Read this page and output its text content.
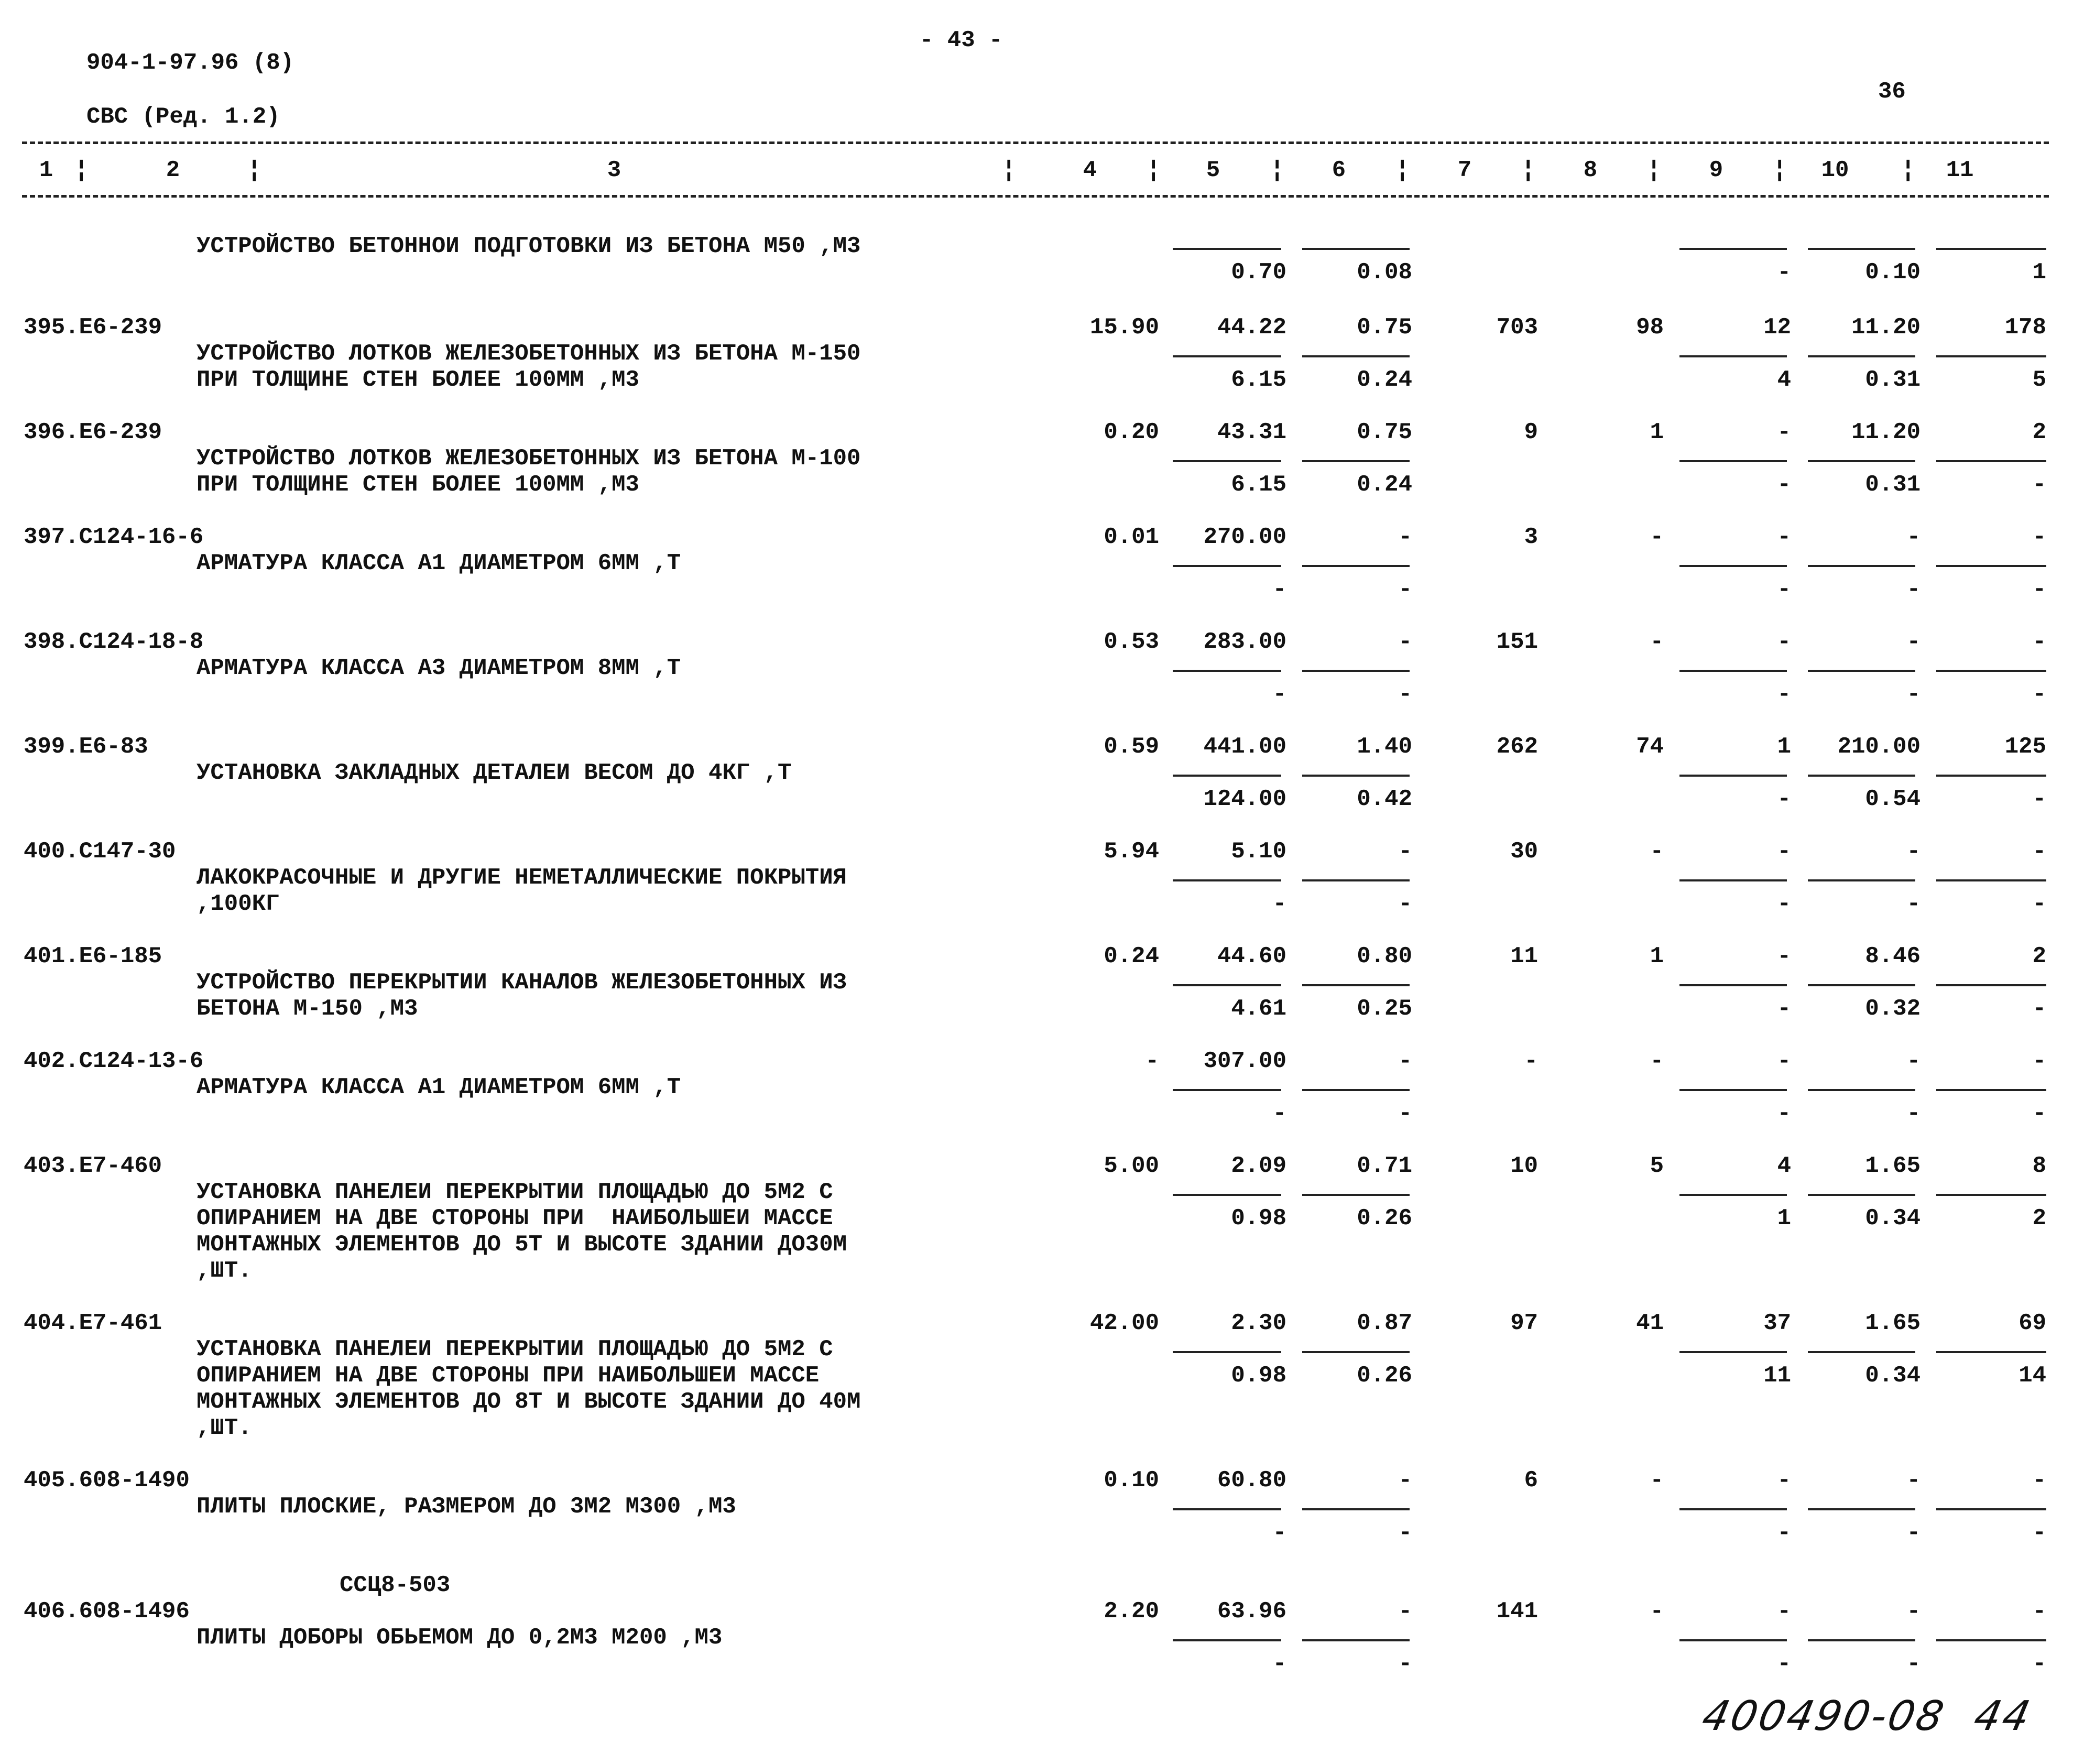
904-1-97.96 (8)
СВС (Ред. 1.2)
- 43 -
36
1	2	3	4	5	6	7	8	9	10	11
¦	¦	¦	¦	¦	¦	¦	¦	¦	¦
УСТРОЙСТВО БЕТОННОИ ПОДГОТОВКИ ИЗ БЕТОНА М50 ,М3
0.70	0.08	-	0.10	1
395.Е6-239
УСТРОЙСТВО ЛОТКОВ ЖЕЛЕЗОБЕТОННЫХ ИЗ БЕТОНА М-150
ПРИ ТОЛЩИНЕ СТЕН БОЛЕЕ 100ММ ,М3
15.90	44.22	0.75	703	98	12	11.20	178
6.15	0.24	4	0.31	5
396.Е6-239
УСТРОЙСТВО ЛОТКОВ ЖЕЛЕЗОБЕТОННЫХ ИЗ БЕТОНА М-100
ПРИ ТОЛЩИНЕ СТЕН БОЛЕЕ 100ММ ,М3
0.20	43.31	0.75	9	1	-	11.20	2
6.15	0.24	-	0.31	-
397.С124-16-6
АРМАТУРА КЛАССА А1 ДИАМЕТРОМ 6ММ ,Т
0.01	270.00	-	3	-	-	-	-
-	-	-	-	-
398.С124-18-8
АРМАТУРА КЛАССА А3 ДИАМЕТРОМ 8ММ ,Т
0.53	283.00	-	151	-	-	-	-
-	-	-	-	-
399.Е6-83
УСТАНОВКА ЗАКЛАДНЫХ ДЕТАЛЕИ ВЕСОМ ДО 4КГ ,Т
0.59	441.00	1.40	262	74	1	210.00	125
124.00	0.42	-	0.54	-
400.С147-30
ЛАКОКРАСОЧНЫЕ И ДРУГИЕ НЕМЕТАЛЛИЧЕСКИЕ ПОКРЫТИЯ
,100КГ
5.94	5.10	-	30	-	-	-	-
-	-	-	-	-
401.Е6-185
УСТРОЙСТВО ПЕРЕКРЫТИИ КАНАЛОВ ЖЕЛЕЗОБЕТОННЫХ ИЗ
БЕТОНА М-150 ,М3
0.24	44.60	0.80	11	1	-	8.46	2
4.61	0.25	-	0.32	-
402.С124-13-6
АРМАТУРА КЛАССА А1 ДИАМЕТРОМ 6ММ ,Т
-	307.00	-	-	-	-	-	-
-	-	-	-	-
403.Е7-460
УСТАНОВКА ПАНЕЛЕИ ПЕРЕКРЫТИИ ПЛОЩАДЬЮ ДО 5М2 С
ОПИРАНИЕМ НА ДВЕ СТОРОНЫ ПРИ  НАИБОЛЬШЕИ МАССЕ
МОНТАЖНЫХ ЭЛЕМЕНТОВ ДО 5Т И ВЫСОТЕ ЗДАНИИ ДО30М
,ШТ.
5.00	2.09	0.71	10	5	4	1.65	8
0.98	0.26	1	0.34	2
404.Е7-461
УСТАНОВКА ПАНЕЛЕИ ПЕРЕКРЫТИИ ПЛОЩАДЬЮ ДО 5М2 С
ОПИРАНИЕМ НА ДВЕ СТОРОНЫ ПРИ НАИБОЛЬШЕИ МАССЕ
МОНТАЖНЫХ ЭЛЕМЕНТОВ ДО 8Т И ВЫСОТЕ ЗДАНИИ ДО 40М
,ШТ.
42.00	2.30	0.87	97	41	37	1.65	69
0.98	0.26	11	0.34	14
405.608-1490
ПЛИТЫ ПЛОСКИЕ, РАЗМЕРОМ ДО 3М2 М300 ,М3
0.10	60.80	-	6	-	-	-	-
-	-	-	-	-
ССЦ8-503
406.608-1496
ПЛИТЫ ДОБОРЫ ОБЬЕМОМ ДО 0,2М3 М200 ,М3
2.20	63.96	-	141	-	-	-	-
-	-	-	-	-
400490-08  44
